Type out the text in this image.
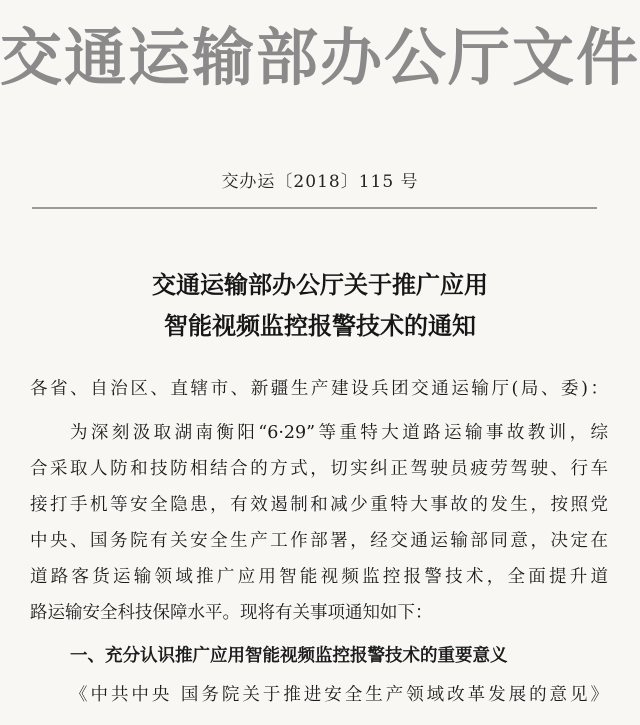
交通运输部办公厅文件
交办运〔2018〕115 号
交通运输部办公厅关于推广应用
智能视频监控报警技术的通知
各省、自治区、直辖市、新疆生产建设兵团交通运输厅(局、委)：
为深刻汲取湖南衡阳“6·29”等重特大道路运输事故教训，综
合采取人防和技防相结合的方式，切实纠正驾驶员疲劳驾驶、行车
接打手机等安全隐患，有效遏制和减少重特大事故的发生，按照党
中央、国务院有关安全生产工作部署，经交通运输部同意，决定在
道路客货运输领域推广应用智能视频监控报警技术，全面提升道
路运输安全科技保障水平。现将有关事项通知如下：
一、充分认识推广应用智能视频监控报警技术的重要意义
《中共中央 国务院关于推进安全生产领域改革发展的意见》
